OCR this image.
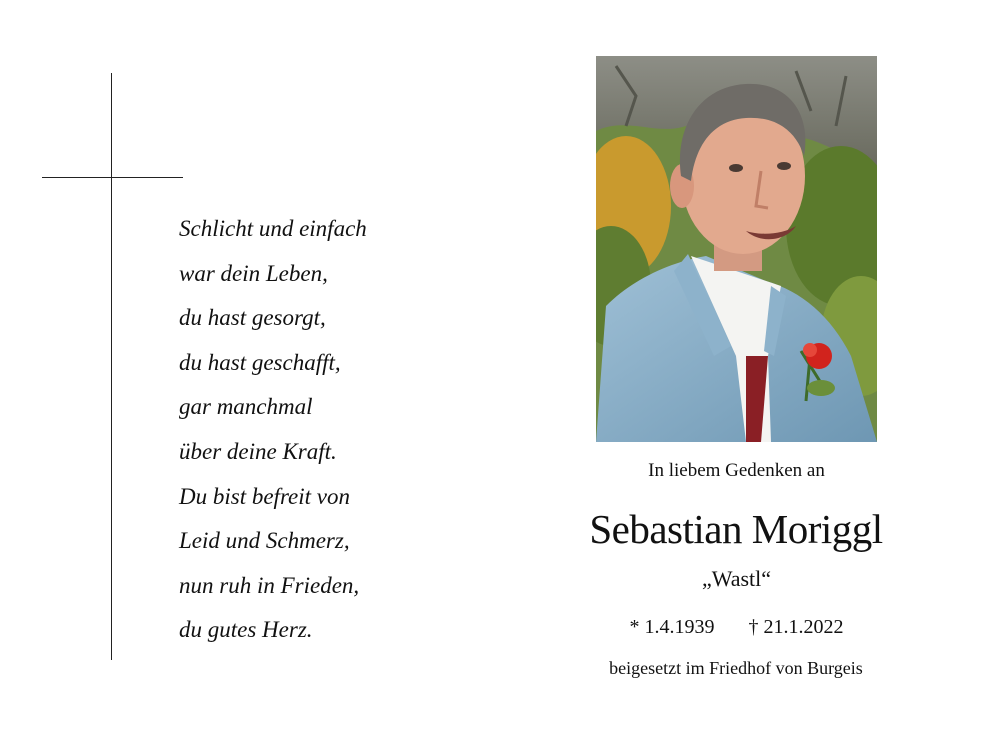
Schlicht und einfach
war dein Leben,
du hast gesorgt,
du hast geschafft,
gar manchmal
über deine Kraft.
Du bist befreit von
Leid und Schmerz,
nun ruh in Frieden,
du gutes Herz.
In liebem Gedenken an
Sebastian Moriggl
„Wastl“
* 1.4.1939 † 21.1.2022
beigesetzt im Friedhof von Burgeis
